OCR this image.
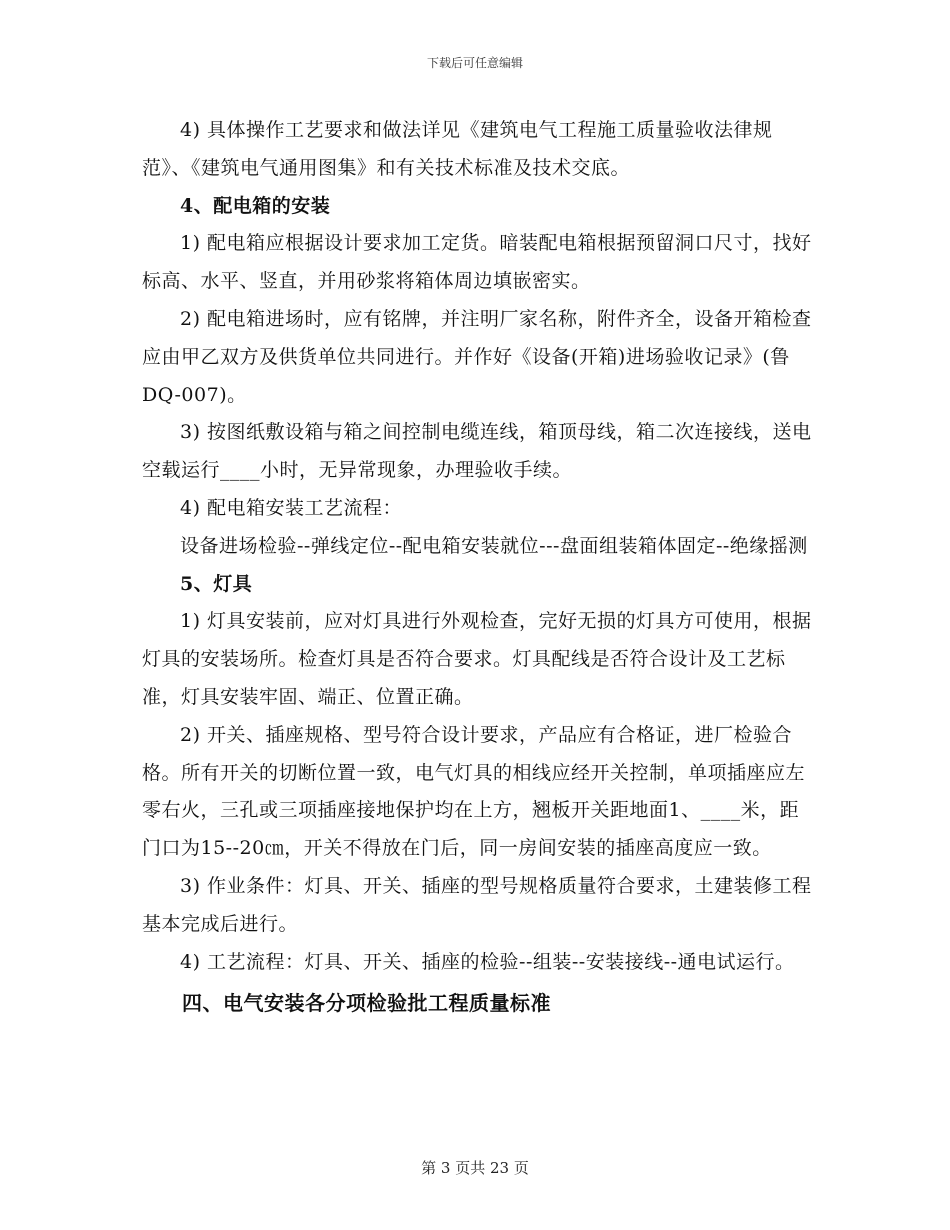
下载后可任意编辑

4) 具体操作工艺要求和做法详见《建筑电气工程施工质量验收法律规范》、《建筑电气通用图集》和有关技术标准及技术交底。

4、配电箱的安装

1) 配电箱应根据设计要求加工定货。暗装配电箱根据预留洞口尺寸，找好标高、水平、竖直，并用砂浆将箱体周边填嵌密实。

2) 配电箱进场时，应有铭牌，并注明厂家名称，附件齐全，设备开箱检查应由甲乙双方及供货单位共同进行。并作好《设备(开箱)进场验收记录》(鲁 DQ-007)。

3) 按图纸敷设箱与箱之间控制电缆连线，箱顶母线，箱二次连接线，送电空载运行____小时，无异常现象，办理验收手续。

4) 配电箱安装工艺流程：

设备进场检验--弹线定位--配电箱安装就位---盘面组装箱体固定--绝缘摇测

5、灯具

1) 灯具安装前，应对灯具进行外观检查，完好无损的灯具方可使用，根据灯具的安装场所。检查灯具是否符合要求。灯具配线是否符合设计及工艺标准，灯具安装牢固、端正、位置正确。

2) 开关、插座规格、型号符合设计要求，产品应有合格证，进厂检验合格。所有开关的切断位置一致，电气灯具的相线应经开关控制，单项插座应左零右火，三孔或三项插座接地保护均在上方，翘板开关距地面1、____米，距门口为15--20㎝，开关不得放在门后，同一房间安装的插座高度应一致。

3) 作业条件：灯具、开关、插座的型号规格质量符合要求，土建装修工程基本完成后进行。

4) 工艺流程：灯具、开关、插座的检验--组装--安装接线--通电试运行。

四、电气安装各分项检验批工程质量标准

第 3 页共 23 页
